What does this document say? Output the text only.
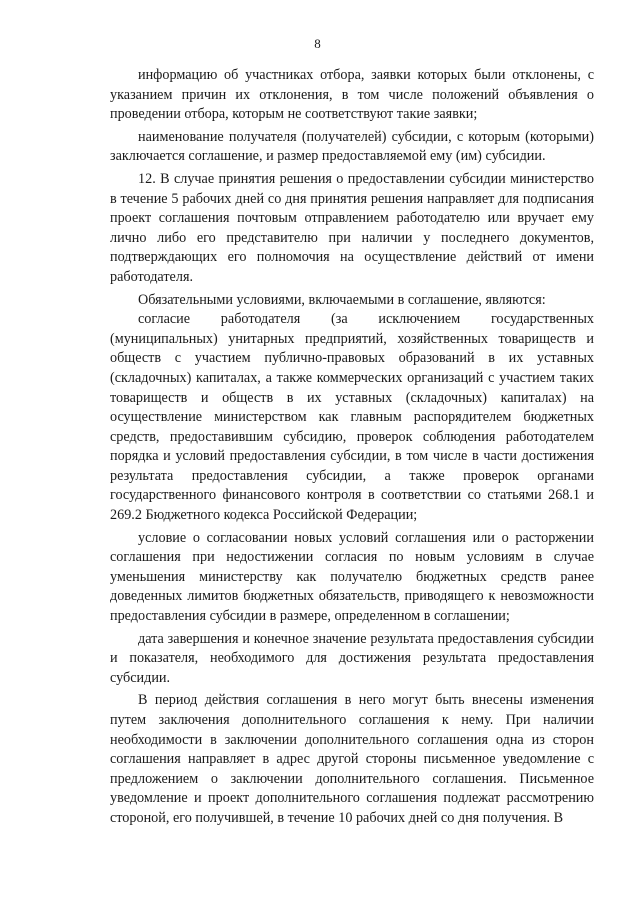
8

информацию об участниках отбора, заявки которых были отклонены, с указанием причин их отклонения, в том числе положений объявления о проведении отбора, которым не соответствуют такие заявки;

наименование получателя (получателей) субсидии, с которым (которыми) заключается соглашение, и размер предоставляемой ему (им) субсидии.

12. В случае принятия решения о предоставлении субсидии министерство в течение 5 рабочих дней со дня принятия решения направляет для подписания проект соглашения почтовым отправлением работодателю или вручает ему лично либо его представителю при наличии у последнего документов, подтверждающих его полномочия на осуществление действий от имени работодателя.

Обязательными условиями, включаемыми в соглашение, являются:

согласие работодателя (за исключением государственных (муниципальных) унитарных предприятий, хозяйственных товариществ и обществ с участием публично-правовых образований в их уставных (складочных) капиталах, а также коммерческих организаций с участием таких товариществ и обществ в их уставных (складочных) капиталах) на осуществление министерством как главным распорядителем бюджетных средств, предоставившим субсидию, проверок соблюдения работодателем порядка и условий предоставления субсидии, в том числе в части достижения результата предоставления субсидии, а также проверок органами государственного финансового контроля в соответствии со статьями 268.1 и 269.2 Бюджетного кодекса Российской Федерации;

условие о согласовании новых условий соглашения или о расторжении соглашения при недостижении согласия по новым условиям в случае уменьшения министерству как получателю бюджетных средств ранее доведенных лимитов бюджетных обязательств, приводящего к невозможности предоставления субсидии в размере, определенном в соглашении;

дата завершения и конечное значение результата предоставления субсидии и показателя, необходимого для достижения результата предоставления субсидии.

В период действия соглашения в него могут быть внесены изменения путем заключения дополнительного соглашения к нему. При наличии необходимости в заключении дополнительного соглашения одна из сторон соглашения направляет в адрес другой стороны письменное уведомление с предложением о заключении дополнительного соглашения. Письменное уведомление и проект дополнительного соглашения подлежат рассмотрению стороной, его получившей, в течение 10 рабочих дней со дня получения. В
